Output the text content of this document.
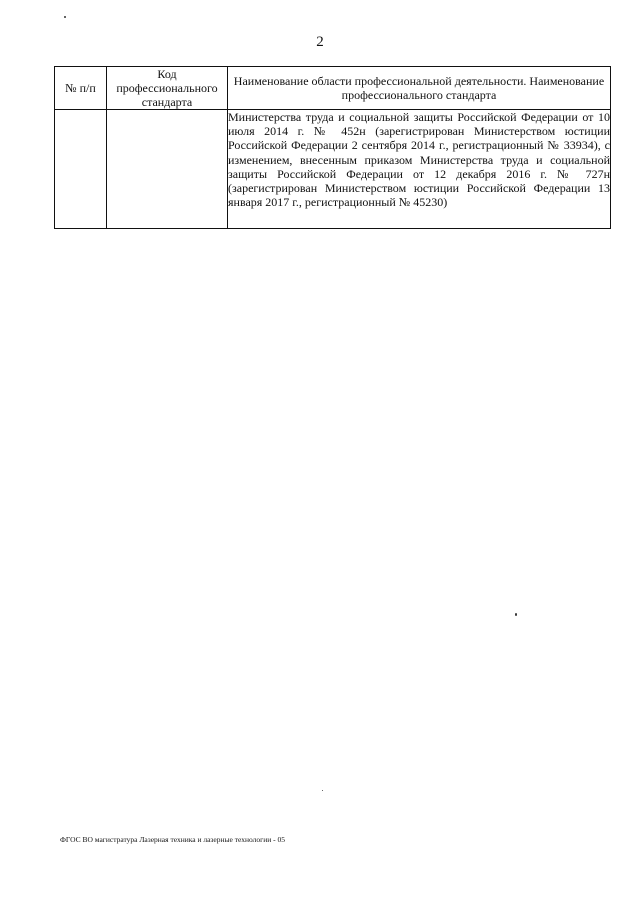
2
№ п/п	Код профессионального стандарта	Наименование области профессиональной деятельности. Наименование профессионального стандарта
		Министерства труда и социальной защиты Российской Федерации от 10 июля 2014 г. № 452н (зарегистрирован Министерством юстиции Российской Федерации 2 сентября 2014 г., регистрационный № 33934), с изменением, внесенным приказом Министерства труда и социальной защиты Российской Федерации от 12 декабря 2016 г. № 727н (зарегистрирован Министерством юстиции Российской Федерации 13 января 2017 г., регистрационный № 45230)
ФГОС ВО магистратура Лазерная техника и лазерные технологии - 05
